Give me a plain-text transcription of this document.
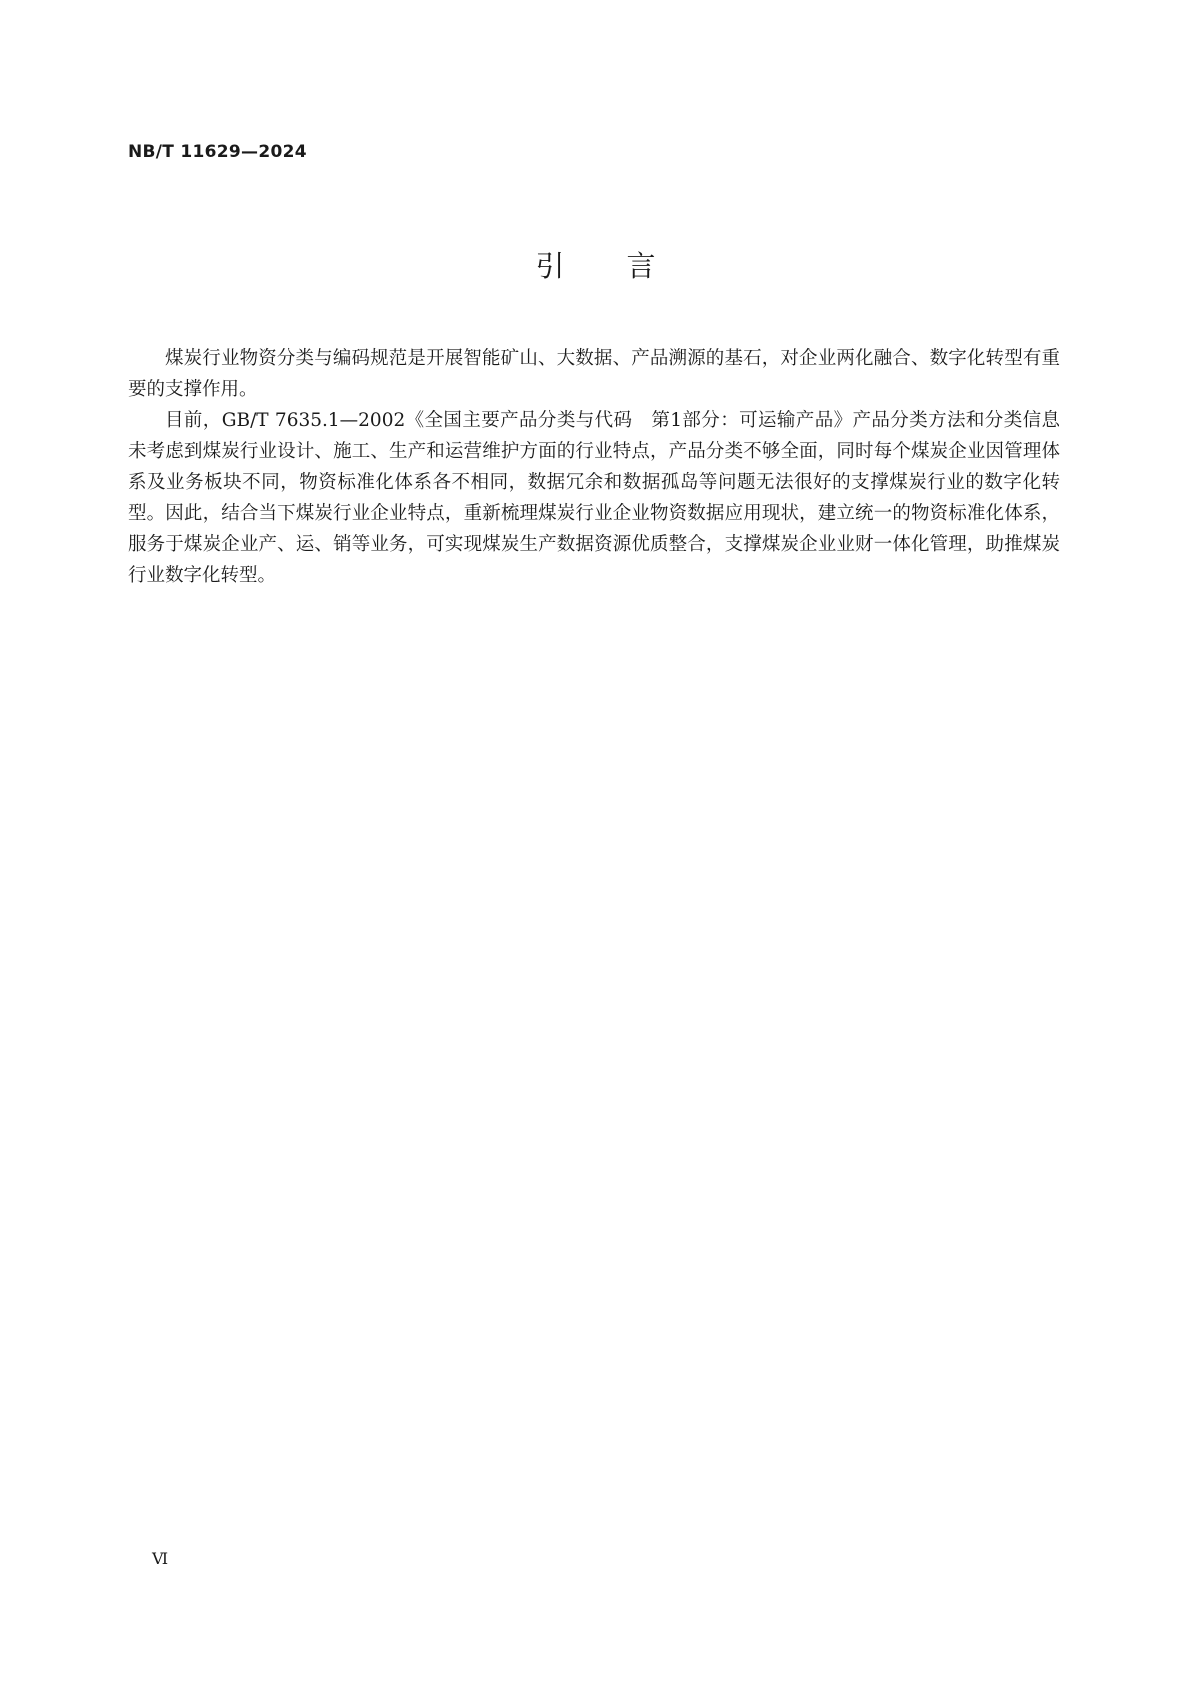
NB/T 11629—2024
引言

煤炭行业物资分类与编码规范是开展智能矿山、大数据、产品溯源的基石，对企业两化融合、数字化转型有重要的支撑作用。

目前，GB/T 7635.1—2002《全国主要产品分类与代码　第1部分：可运输产品》产品分类方法和分类信息未考虑到煤炭行业设计、施工、生产和运营维护方面的行业特点，产品分类不够全面，同时每个煤炭企业因管理体系及业务板块不同，物资标准化体系各不相同，数据冗余和数据孤岛等问题无法很好的支撑煤炭行业的数字化转型。因此，结合当下煤炭行业企业特点，重新梳理煤炭行业企业物资数据应用现状，建立统一的物资标准化体系，服务于煤炭企业产、运、销等业务，可实现煤炭生产数据资源优质整合，支撑煤炭企业业财一体化管理，助推煤炭行业数字化转型。

Ⅵ
